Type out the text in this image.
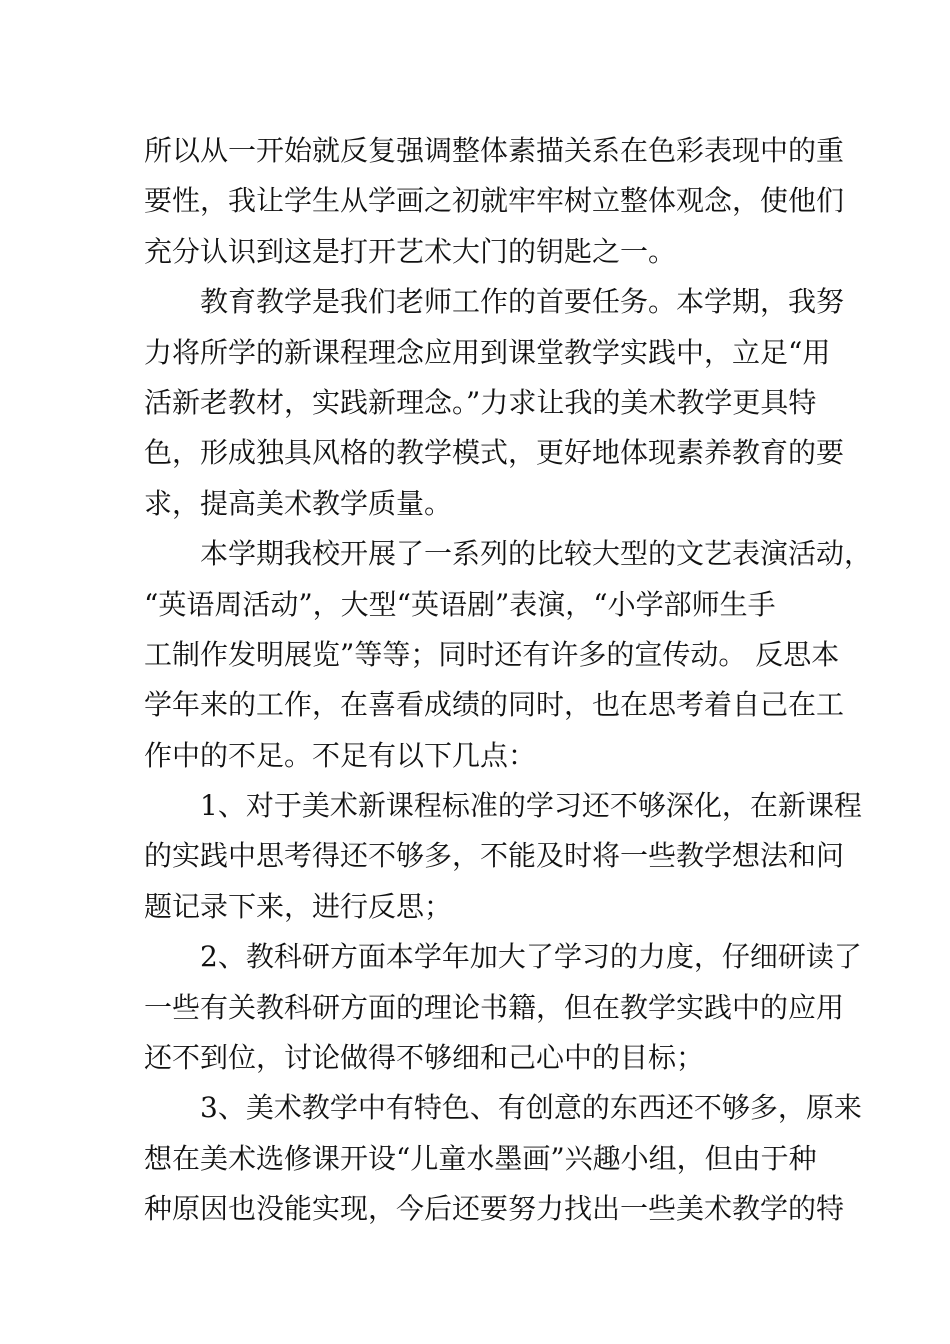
所以从一开始就反复强调整体素描关系在色彩表现中的重
要性，我让学生从学画之初就牢牢树立整体观念，使他们
充分认识到这是打开艺术大门的钥匙之一。
教育教学是我们老师工作的首要任务。本学期，我努
力将所学的新课程理念应用到课堂教学实践中，立足“用
活新老教材，实践新理念。”力求让我的美术教学更具特
色，形成独具风格的教学模式，更好地体现素养教育的要
求，提高美术教学质量。
本学期我校开展了一系列的比较大型的文艺表演活动，
“英语周活动”，大型“英语剧”表演，“小学部师生手
工制作发明展览”等等；同时还有许多的宣传动。 反思本
学年来的工作，在喜看成绩的同时，也在思考着自己在工
作中的不足。不足有以下几点：
1、对于美术新课程标准的学习还不够深化，在新课程
的实践中思考得还不够多，不能及时将一些教学想法和问
题记录下来，进行反思；
2、教科研方面本学年加大了学习的力度，仔细研读了
一些有关教科研方面的理论书籍，但在教学实践中的应用
还不到位，讨论做得不够细和己心中的目标；
3、美术教学中有特色、有创意的东西还不够多，原来
想在美术选修课开设“儿童水墨画”兴趣小组，但由于种
种原因也没能实现，今后还要努力找出一些美术教学的特
